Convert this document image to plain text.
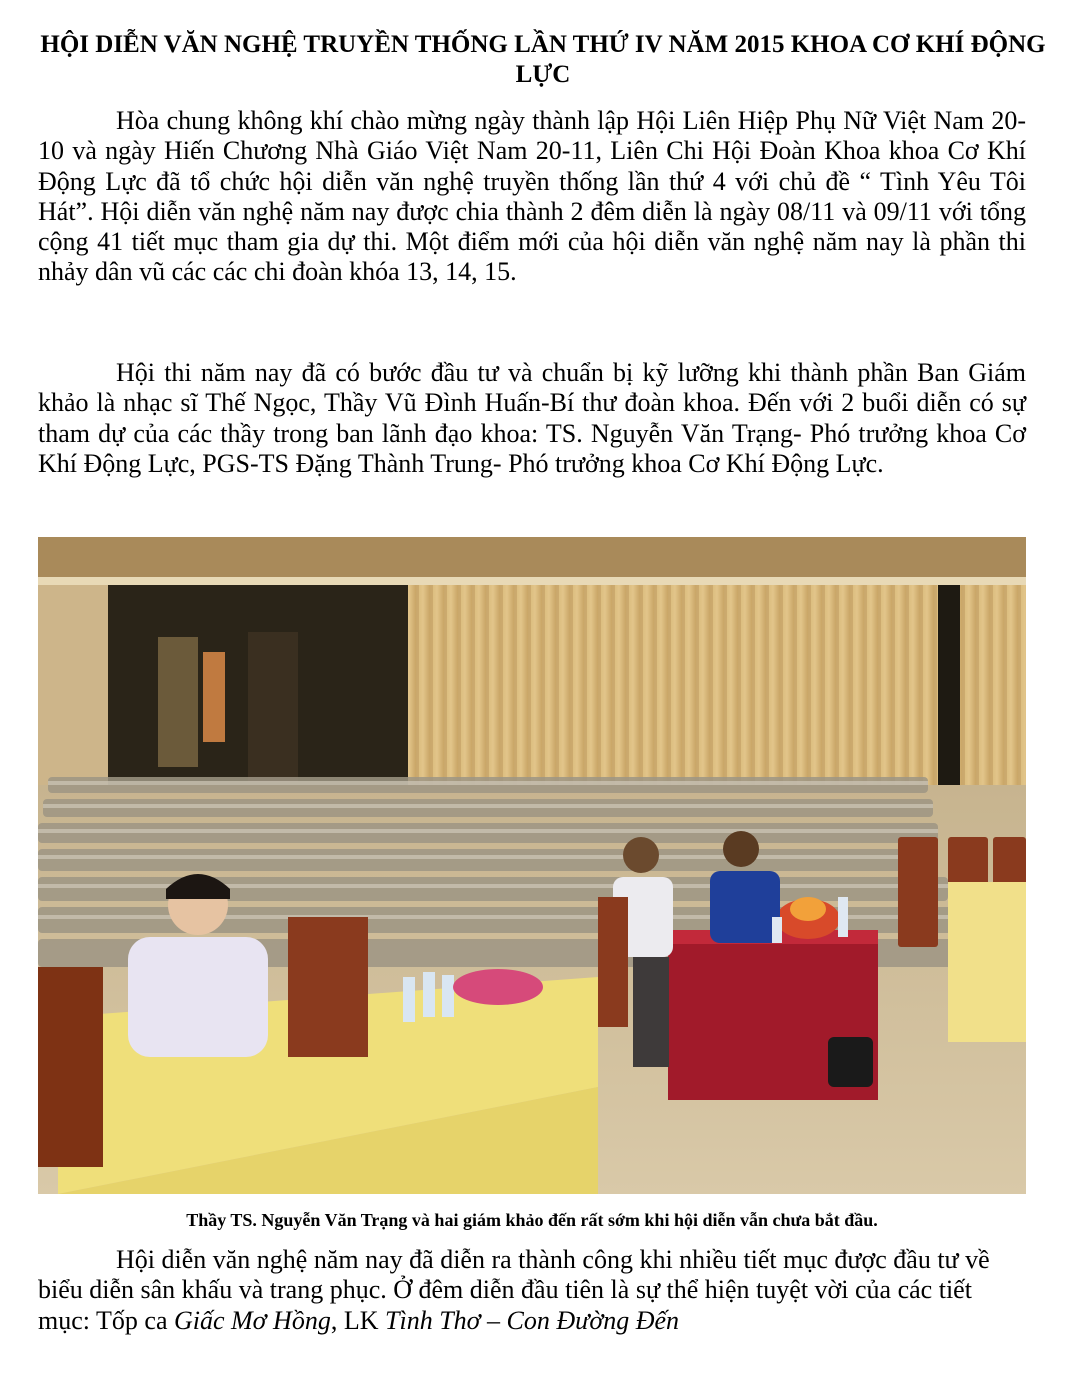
HỘI DIỄN VĂN NGHỆ TRUYỀN THỐNG LẦN THỨ IV NĂM 2015 KHOA CƠ KHÍ ĐỘNG LỰC

Hòa chung không khí chào mừng ngày thành lập Hội Liên Hiệp Phụ Nữ Việt Nam 20-10 và ngày Hiến Chương Nhà Giáo Việt Nam 20-11, Liên Chi Hội Đoàn Khoa khoa Cơ Khí Động Lực đã tổ chức hội diễn văn nghệ truyền thống lần thứ 4 với chủ đề “ Tình Yêu Tôi Hát”. Hội diễn văn nghệ năm nay được chia thành 2 đêm diễn là ngày 08/11 và 09/11 với tổng cộng 41 tiết mục tham gia dự thi. Một điểm mới của hội diễn văn nghệ năm nay là phần thi nhảy dân vũ các các chi đoàn khóa 13, 14, 15.

Hội thi năm nay đã có bước đầu tư và chuẩn bị kỹ lưỡng khi thành phần Ban Giám khảo là nhạc sĩ Thế Ngọc, Thầy Vũ Đình Huấn-Bí thư đoàn khoa. Đến với 2 buổi diễn có sự tham dự của các thầy trong ban lãnh đạo khoa: TS. Nguyễn Văn Trạng- Phó trưởng khoa Cơ Khí Động Lực, PGS-TS Đặng Thành Trung- Phó trưởng khoa Cơ Khí Động Lực.

Thầy TS. Nguyễn Văn Trạng và hai giám khảo đến rất sớm khi hội diễn vẫn chưa bắt đầu.

Hội diễn văn nghệ năm nay đã diễn ra thành công khi nhiều tiết mục được đầu tư về biểu diễn sân khấu và trang phục. Ở đêm diễn đầu tiên là sự thể hiện tuyệt vời của các tiết mục: Tốp ca Giấc Mơ Hồng, LK Tình Thơ – Con Đường Đến
